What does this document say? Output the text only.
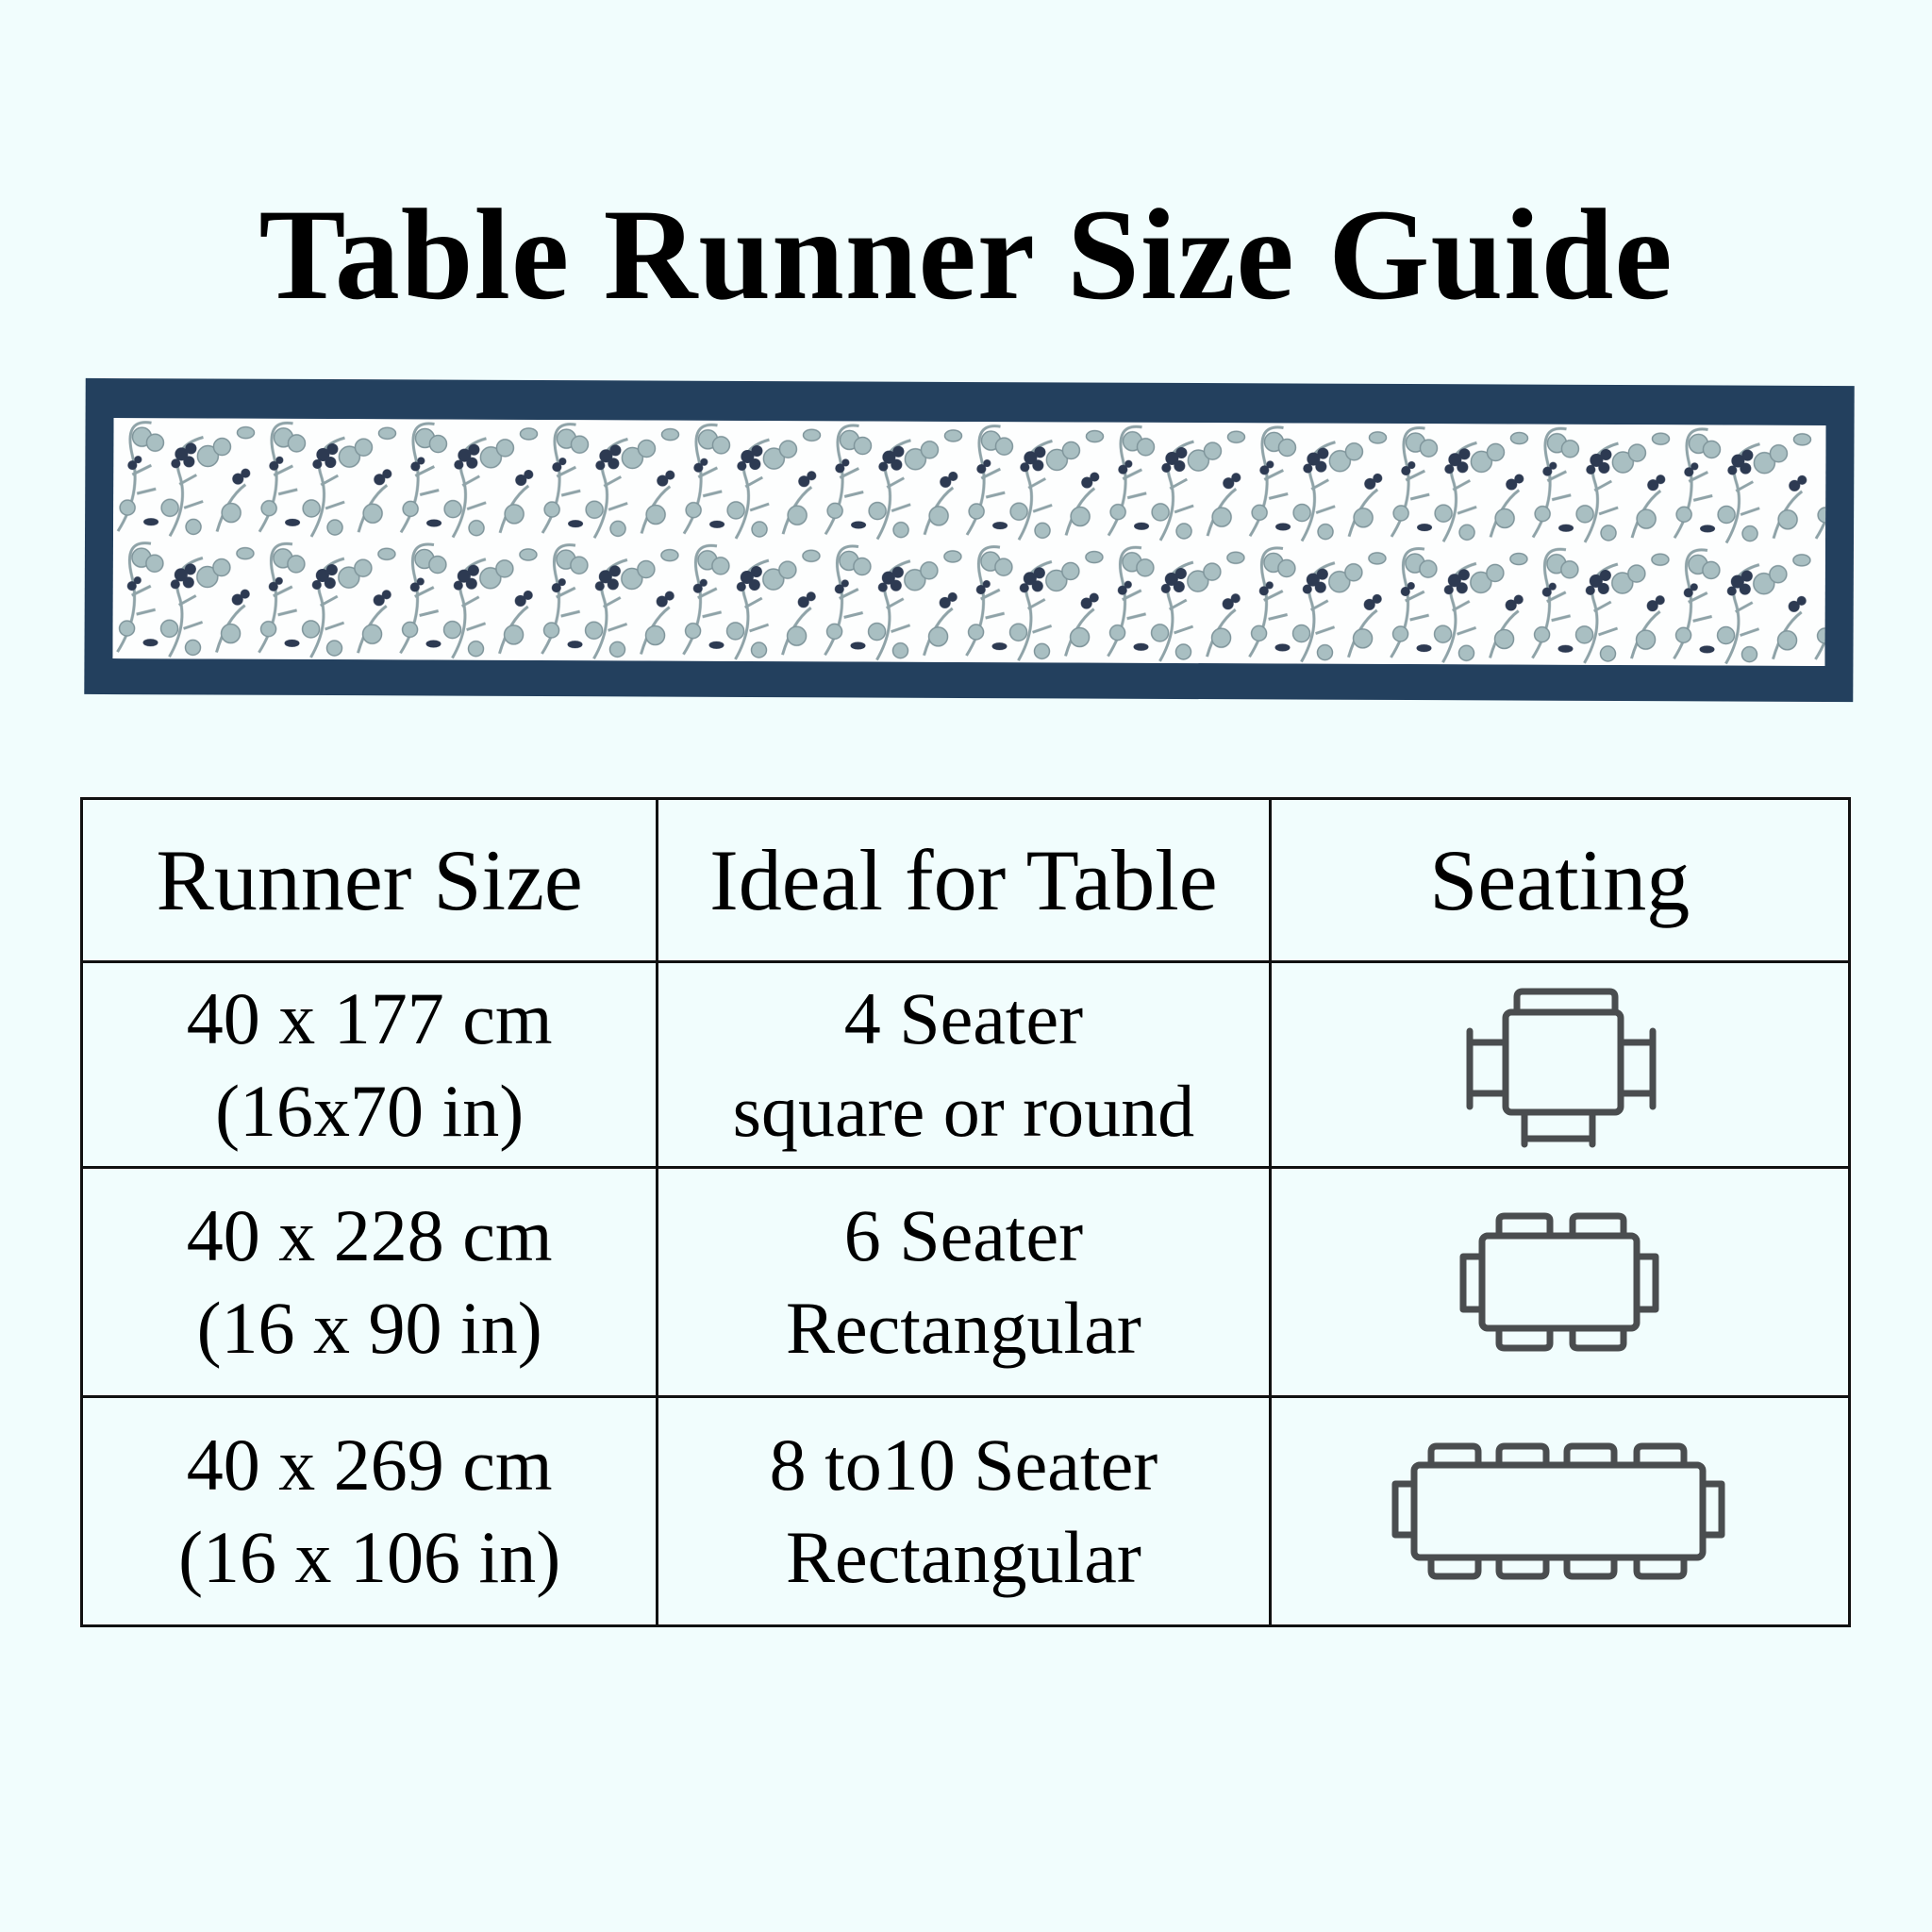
Table Runner Size Guide
Runner Size	Ideal for Table	Seating

40 x 177 cm
(16x70 in)	4 Seater
square or round

40 x 228 cm
(16 x 90 in)	6 Seater
Rectangular

40 x 269 cm
(16 x 106 in)	8 to10 Seater
Rectangular
